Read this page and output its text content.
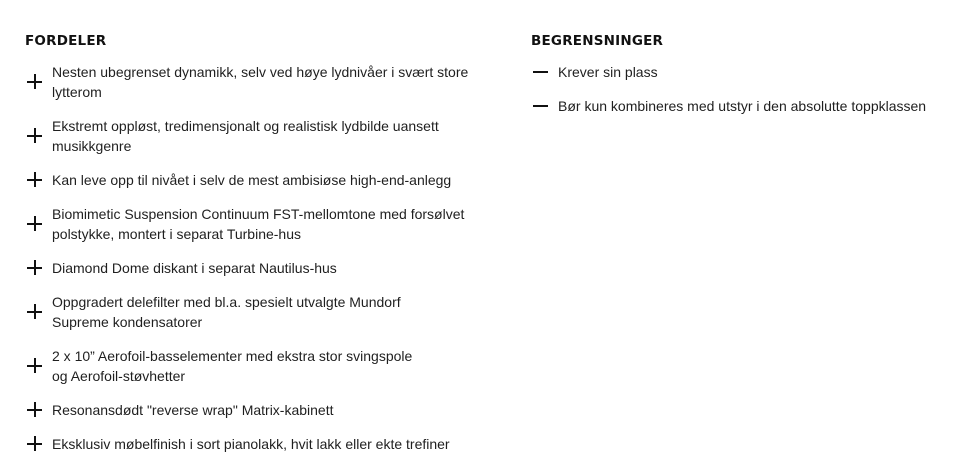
FORDELER
Nesten ubegrenset dynamikk, selv ved høye lydnivåer i svært store lytterom
Ekstremt oppløst, tredimensjonalt og realistisk lydbilde uansett musikkgenre
Kan leve opp til nivået i selv de mest ambisiøse high-end-anlegg
Biomimetic Suspension Continuum FST-mellomtone med forsølvet polstykke, montert i separat Turbine-hus
Diamond Dome diskant i separat Nautilus-hus
Oppgradert delefilter med bl.a. spesielt utvalgte Mundorf Supreme kondensatorer
2 x 10” Aerofoil-basselementer med ekstra stor svingspole og Aerofoil-støvhetter
Resonansdødt "reverse wrap" Matrix-kabinett
Eksklusiv møbelfinish i sort pianolakk, hvit lakk eller ekte trefiner
BEGRENSNINGER
Krever sin plass
Bør kun kombineres med utstyr i den absolutte toppklassen
